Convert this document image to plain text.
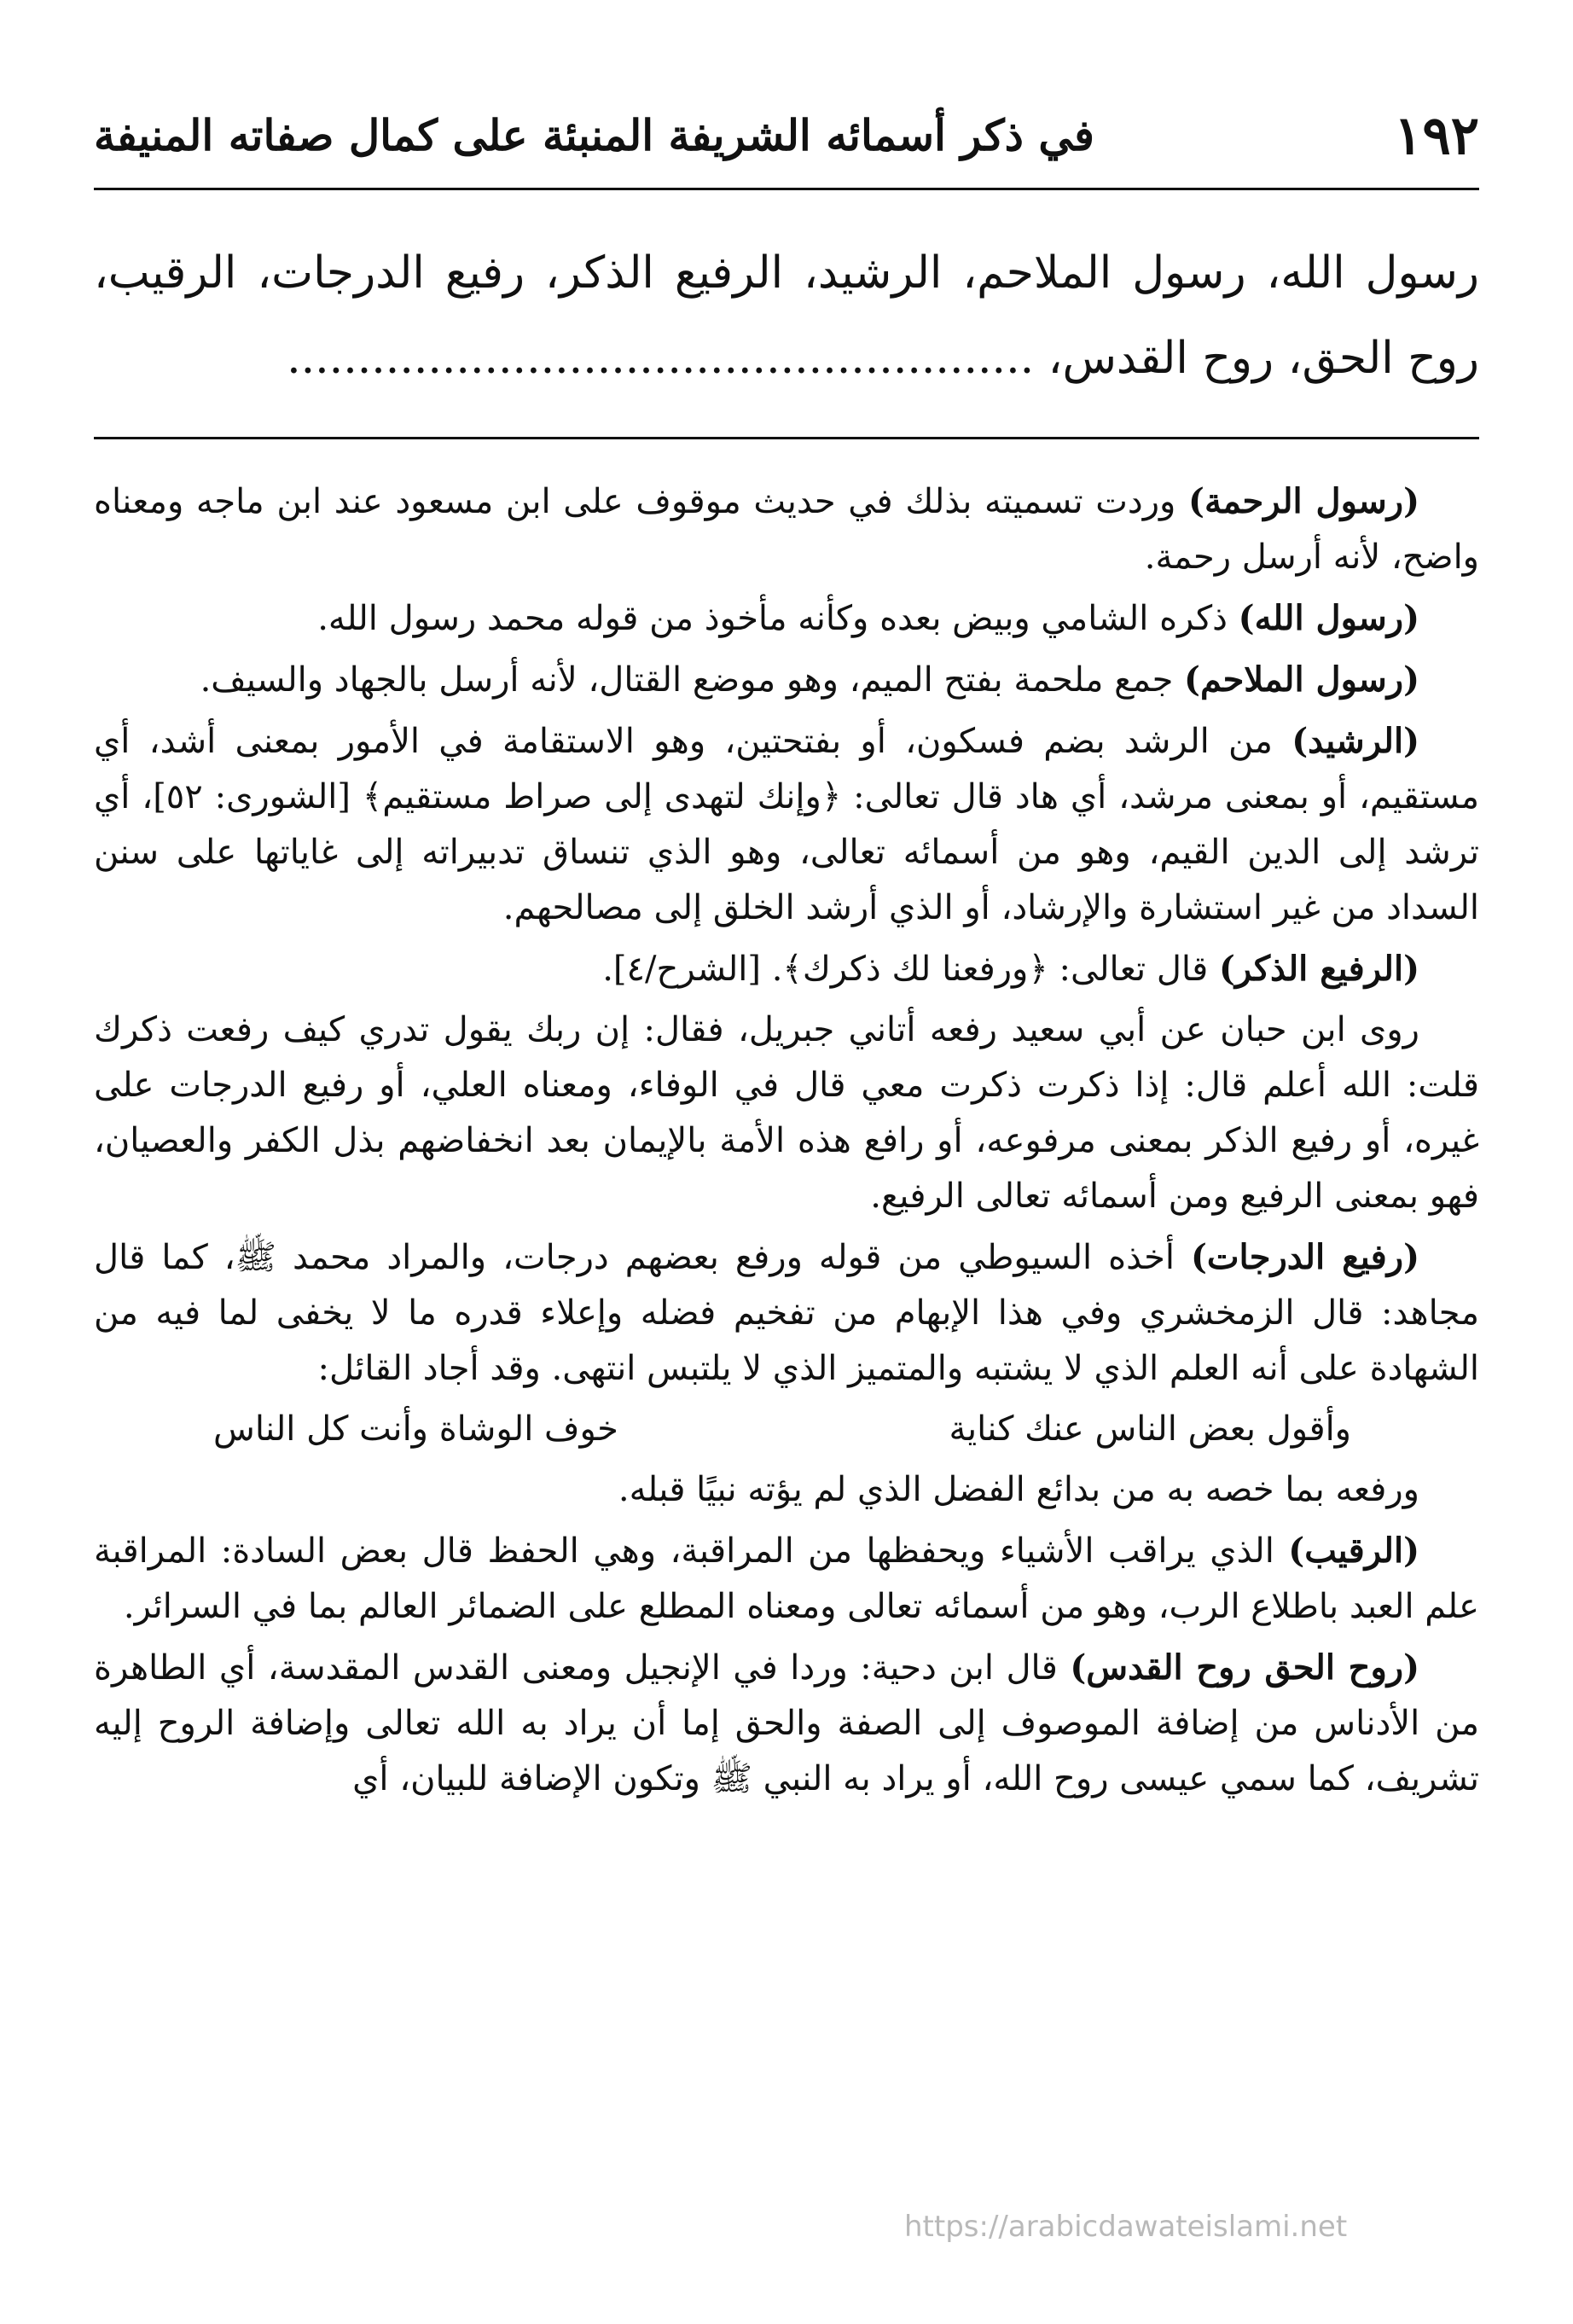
١٩٢
في ذكر أسمائه الشريفة المنبئة على كمال صفاته المنيفة
رسول الله، رسول الملاحم، الرشيد، الرفيع الذكر، رفيع الدرجات، الرقيب، روح الحق، روح القدس، .....................................................

(رسول الرحمة) وردت تسميته بذلك في حديث موقوف على ابن مسعود عند ابن ماجه ومعناه واضح، لأنه أرسل رحمة.

(رسول الله) ذكره الشامي وبيض بعده وكأنه مأخوذ من قوله محمد رسول الله.

(رسول الملاحم) جمع ملحمة بفتح الميم، وهو موضع القتال، لأنه أرسل بالجهاد والسيف.

(الرشيد) من الرشد بضم فسكون، أو بفتحتين، وهو الاستقامة في الأمور بمعنى أشد، أي مستقيم، أو بمعنى مرشد، أي هاد قال تعالى: ﴿وإنك لتهدى إلى صراط مستقيم﴾ [الشورى: ٥٢]، أي ترشد إلى الدين القيم، وهو من أسمائه تعالى، وهو الذي تنساق تدبيراته إلى غاياتها على سنن السداد من غير استشارة والإرشاد، أو الذي أرشد الخلق إلى مصالحهم.

(الرفيع الذكر) قال تعالى: ﴿ورفعنا لك ذكرك﴾. [الشرح/٤].

روى ابن حبان عن أبي سعيد رفعه أتاني جبريل، فقال: إن ربك يقول تدري كيف رفعت ذكرك قلت: الله أعلم قال: إذا ذكرت ذكرت معي قال في الوفاء، ومعناه العلي، أو رفيع الدرجات على غيره، أو رفيع الذكر بمعنى مرفوعه، أو رافع هذه الأمة بالإيمان بعد انخفاضهم بذل الكفر والعصيان، فهو بمعنى الرفيع ومن أسمائه تعالى الرفيع.

(رفيع الدرجات) أخذه السيوطي من قوله ورفع بعضهم درجات، والمراد محمد ﷺ، كما قال مجاهد: قال الزمخشري وفي هذا الإبهام من تفخيم فضله وإعلاء قدره ما لا يخفى لما فيه من الشهادة على أنه العلم الذي لا يشتبه والمتميز الذي لا يلتبس انتهى. وقد أجاد القائل:

وأقول بعض الناس عنك كناية
خوف الوشاة وأنت كل الناس

ورفعه بما خصه به من بدائع الفضل الذي لم يؤته نبيًا قبله.

(الرقيب) الذي يراقب الأشياء ويحفظها من المراقبة، وهي الحفظ قال بعض السادة: المراقبة علم العبد باطلاع الرب، وهو من أسمائه تعالى ومعناه المطلع على الضمائر العالم بما في السرائر.

(روح الحق روح القدس) قال ابن دحية: وردا في الإنجيل ومعنى القدس المقدسة، أي الطاهرة من الأدناس من إضافة الموصوف إلى الصفة والحق إما أن يراد به الله تعالى وإضافة الروح إليه تشريف، كما سمي عيسى روح الله، أو يراد به النبي ﷺ وتكون الإضافة للبيان، أي

https://arabicdawateislami.net
